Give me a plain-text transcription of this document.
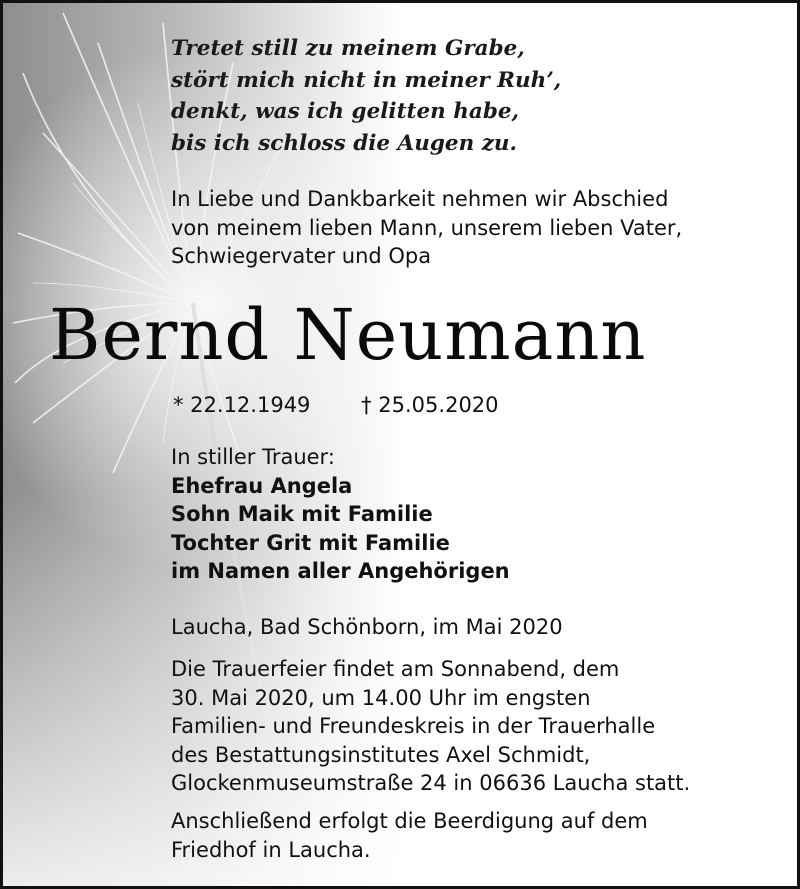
Tretet still zu meinem Grabe,
stört mich nicht in meiner Ruh’,
denkt, was ich gelitten habe,
bis ich schloss die Augen zu.
In Liebe und Dankbarkeit nehmen wir Abschied
von meinem lieben Mann, unserem lieben Vater,
Schwiegervater und Opa
Bernd Neumann
* 22.12.1949 † 25.05.2020
In stiller Trauer:
Ehefrau Angela
Sohn Maik mit Familie
Tochter Grit mit Familie
im Namen aller Angehörigen
Laucha, Bad Schönborn, im Mai 2020
Die Trauerfeier findet am Sonnabend, dem
30. Mai 2020, um 14.00 Uhr im engsten
Familien- und Freundeskreis in der Trauerhalle
des Bestattungsinstitutes Axel Schmidt,
Glockenmuseumstraße 24 in 06636 Laucha statt.
Anschließend erfolgt die Beerdigung auf dem
Friedhof in Laucha.
